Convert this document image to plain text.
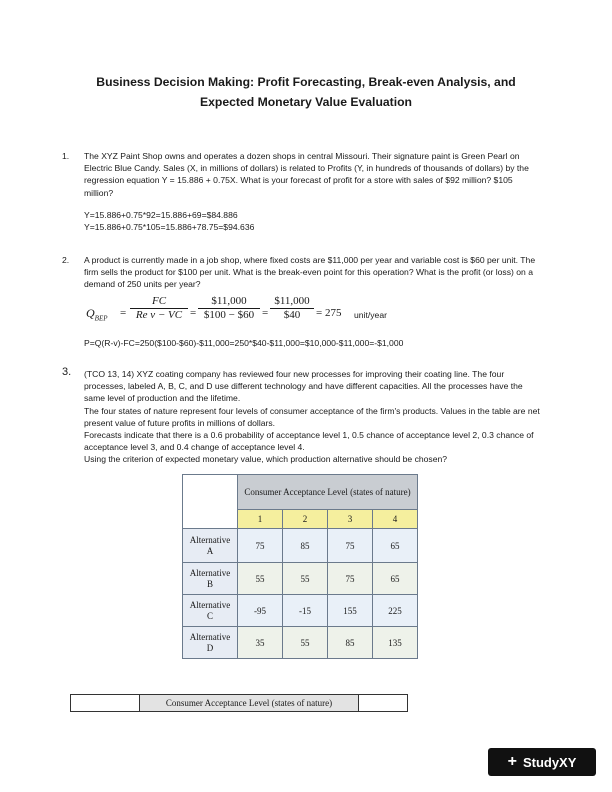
Business Decision Making: Profit Forecasting, Break-even Analysis, and
Expected Monetary Value Evaluation
1. The XYZ Paint Shop owns and operates a dozen shops in central Missouri. Their signature paint is Green Pearl on Electric Blue Candy. Sales (X, in millions of dollars) is related to Profits (Y, in hundreds of thousands of dollars) by the regression equation Y = 15.886 + 0.75X. What is your forecast of profit for a store with sales of $92 million? $105 million?

Y=15.886+0.75*92=15.886+69=$84.886

Y=15.886+0.75*105=15.886+78.75=$94.636

2. A product is currently made in a job shop, where fixed costs are $11,000 per year and variable cost is $60 per unit. The firm sells the product for $100 per unit. What is the break-even point for this operation? What is the profit (or loss) on a demand of 250 units per year?

$Q_{BEP} = \frac{FC}{\text{Re v − VC}} = \frac{\$11,000}{\$100 - \$60} = \frac{\$11,000}{\$40} = 275$ unit/year

P=Q(R-v)-FC=250($100-$60)-$11,000=250*$40-$11,000=$10,000-$11,000=-$1,000

3. (TCO 13, 14) XYZ coating company has reviewed four new processes for improving their coating line. The four processes, labeled A, B, C, and D use different technology and have different capacities. All the processes have the same level of production and the lifetime.

The four states of nature represent four levels of consumer acceptance of the firm's products. Values in the table are net present value of future profits in millions of dollars.

Forecasts indicate that there is a 0.6 probability of acceptance level 1, 0.5 chance of acceptance level 2, 0.3 chance of acceptance level 3, and 0.4 change of acceptance level 4.

Using the criterion of expected monetary value, which production alternative should be chosen?

	Consumer Acceptance Level (states of nature)			
	1	2	3	4

Alternative
A	75	85	75	65

Alternative
B	55	55	75	65

Alternative
C	-95	-15	155	225

Alternative
D	35	55	85	135
	Consumer Acceptance Level (states of nature)	
+ StudyXY
